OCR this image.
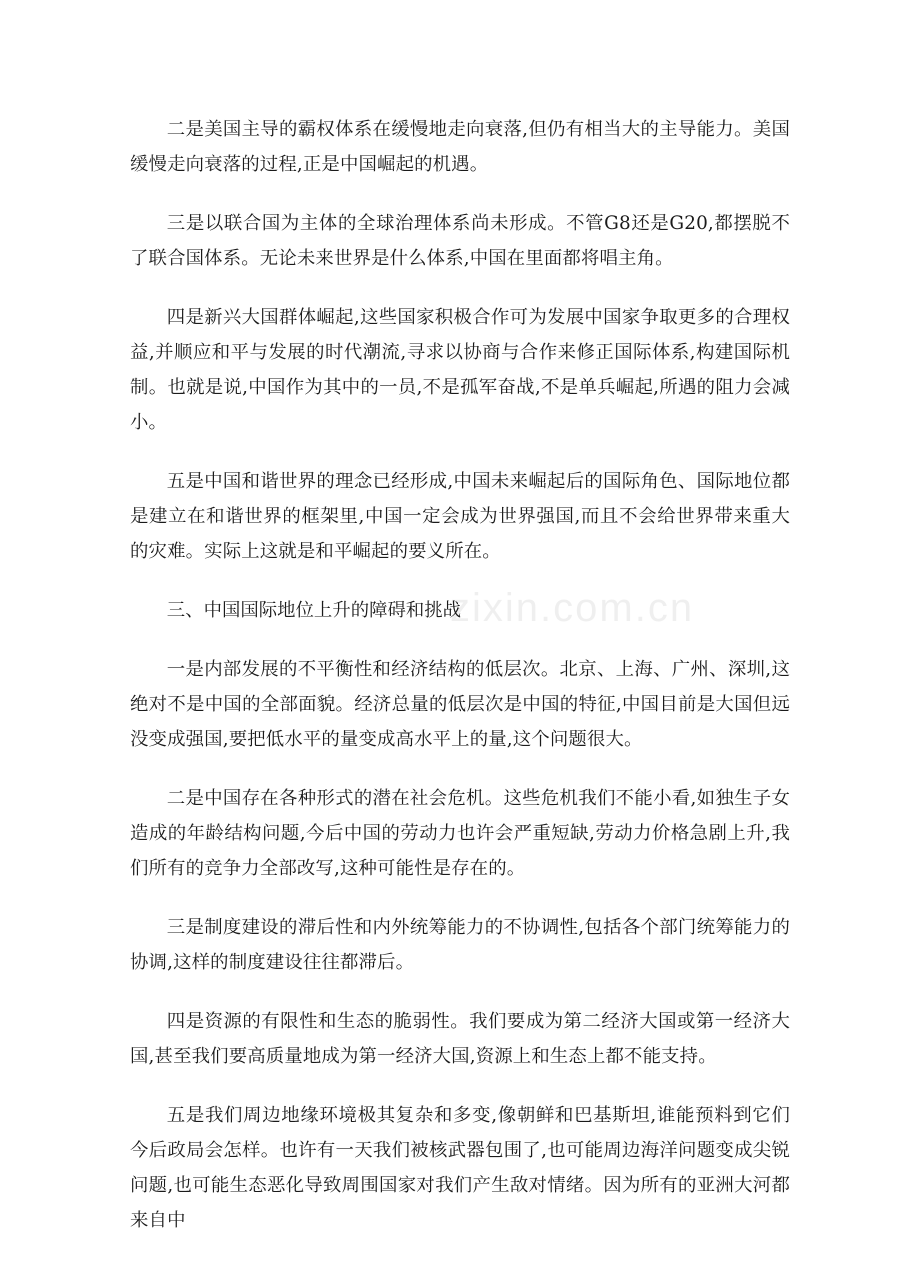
二是美国主导的霸权体系在缓慢地走向衰落,但仍有相当大的主导能力。美国缓慢走向衰落的过程,正是中国崛起的机遇。

三是以联合国为主体的全球治理体系尚未形成。不管G8还是G20,都摆脱不了联合国体系。无论未来世界是什么体系,中国在里面都将唱主角。

四是新兴大国群体崛起,这些国家积极合作可为发展中国家争取更多的合理权益,并顺应和平与发展的时代潮流,寻求以协商与合作来修正国际体系,构建国际机制。也就是说,中国作为其中的一员,不是孤军奋战,不是单兵崛起,所遇的阻力会减小。

五是中国和谐世界的理念已经形成,中国未来崛起后的国际角色、国际地位都是建立在和谐世界的框架里,中国一定会成为世界强国,而且不会给世界带来重大的灾难。实际上这就是和平崛起的要义所在。

三、中国国际地位上升的障碍和挑战

一是内部发展的不平衡性和经济结构的低层次。北京、上海、广州、深圳,这绝对不是中国的全部面貌。经济总量的低层次是中国的特征,中国目前是大国但远没变成强国,要把低水平的量变成高水平上的量,这个问题很大。

二是中国存在各种形式的潜在社会危机。这些危机我们不能小看,如独生子女造成的年龄结构问题,今后中国的劳动力也许会严重短缺,劳动力价格急剧上升,我们所有的竞争力全部改写,这种可能性是存在的。

三是制度建设的滞后性和内外统筹能力的不协调性,包括各个部门统筹能力的协调,这样的制度建设往往都滞后。

四是资源的有限性和生态的脆弱性。我们要成为第二经济大国或第一经济大国,甚至我们要高质量地成为第一经济大国,资源上和生态上都不能支持。

五是我们周边地缘环境极其复杂和多变,像朝鲜和巴基斯坦,谁能预料到它们今后政局会怎样。也许有一天我们被核武器包围了,也可能周边海洋问题变成尖锐问题,也可能生态恶化导致周围国家对我们产生敌对情绪。因为所有的亚洲大河都来自中

zixin.com.cn
